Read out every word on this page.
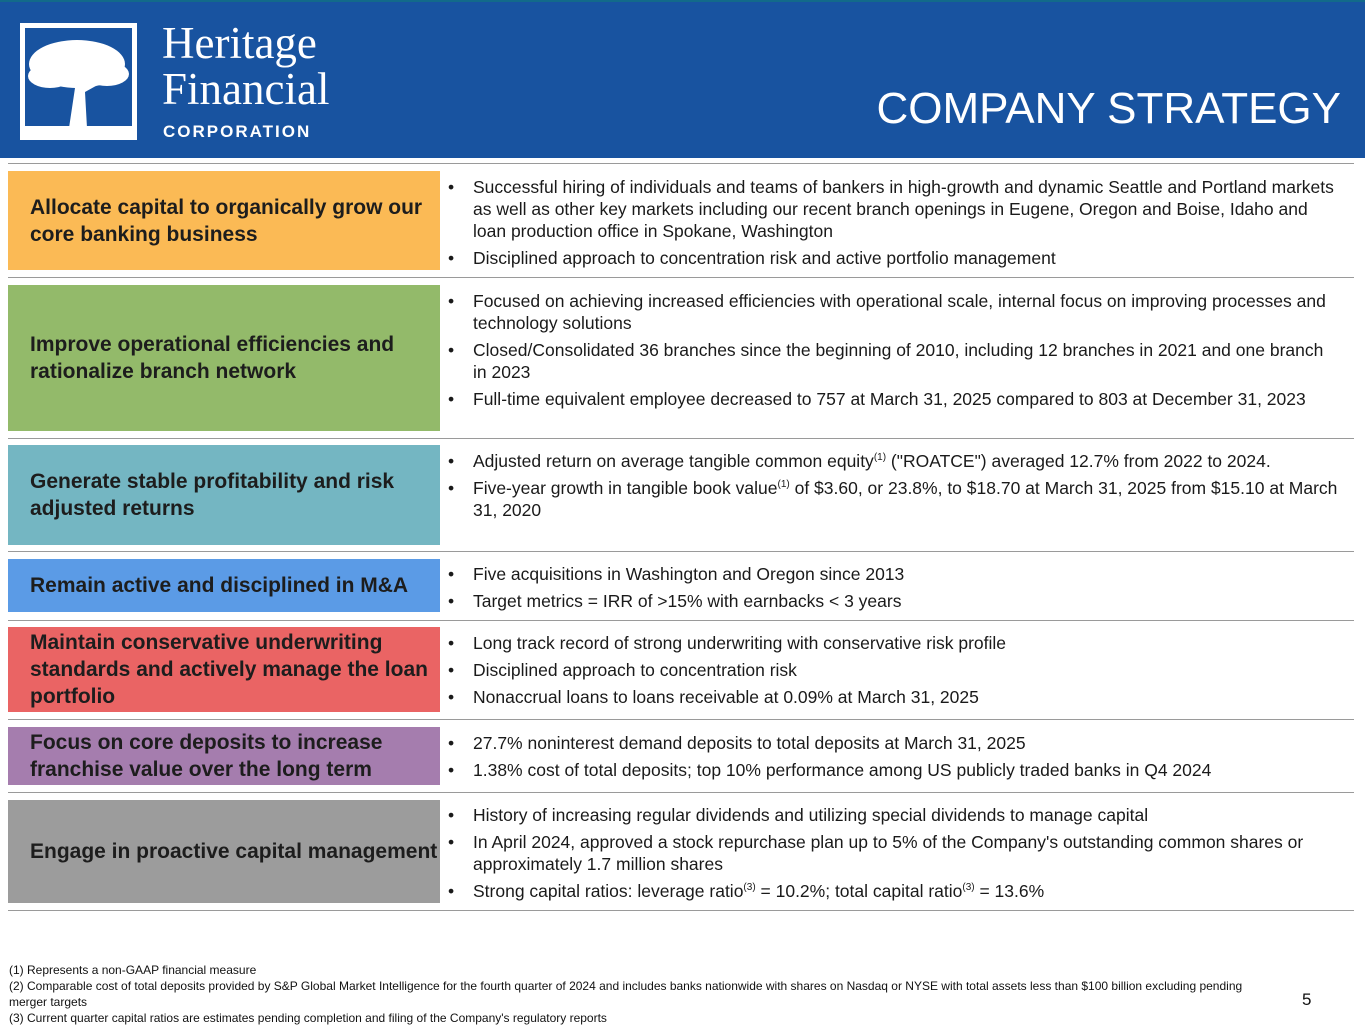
Heritage
Financial
CORPORATION	COMPANY STRATEGY
Allocate capital to organically grow our core banking business
• Successful hiring of individuals and teams of bankers in high-growth and dynamic Seattle and Portland markets as well as other key markets including our recent branch openings in Eugene, Oregon and Boise, Idaho and loan production office in Spokane, Washington
• Disciplined approach to concentration risk and active portfolio management
Improve operational efficiencies and rationalize branch network
• Focused on achieving increased efficiencies with operational scale, internal focus on improving processes and technology solutions
• Closed/Consolidated 36 branches since the beginning of 2010, including 12 branches in 2021 and one branch in 2023
• Full-time equivalent employee decreased to 757 at March 31, 2025 compared to 803 at December 31, 2023
Generate stable profitability and risk adjusted returns
• Adjusted return on average tangible common equity$^{(1)}$ ("ROATCE") averaged 12.7% from 2022 to 2024.
• Five-year growth in tangible book value$^{(1)}$ of $3.60, or 23.8%, to $18.70 at March 31, 2025 from $15.10 at March 31, 2020
Remain active and disciplined in M&A	• Five acquisitions in Washington and Oregon since 2013
• Target metrics = IRR of >15% with earnbacks < 3 years
Maintain conservative underwriting standards and actively manage the loan portfolio
• Long track record of strong underwriting with conservative risk profile
• Disciplined approach to concentration risk
• Nonaccrual loans to loans receivable at 0.09% at March 31, 2025
Focus on core deposits to increase franchise value over the long term
• 27.7% noninterest demand deposits to total deposits at March 31, 2025
• 1.38% cost of total deposits; top 10% performance among US publicly traded banks in Q4 2024
Engage in proactive capital management
• History of increasing regular dividends and utilizing special dividends to manage capital
• In April 2024, approved a stock repurchase plan up to 5% of the Company's outstanding common shares or approximately 1.7 million shares
• Strong capital ratios: leverage ratio$^{(3)}$ = 10.2%; total capital ratio$^{(3)}$ = 13.6%
(1) Represents a non-GAAP financial measure
(2) Comparable cost of total deposits provided by S&P Global Market Intelligence for the fourth quarter of 2024 and includes banks nationwide with shares on Nasdaq or NYSE with total assets less than $100 billion excluding pending merger targets
(3) Current quarter capital ratios are estimates pending completion and filing of the Company's regulatory reports
5
